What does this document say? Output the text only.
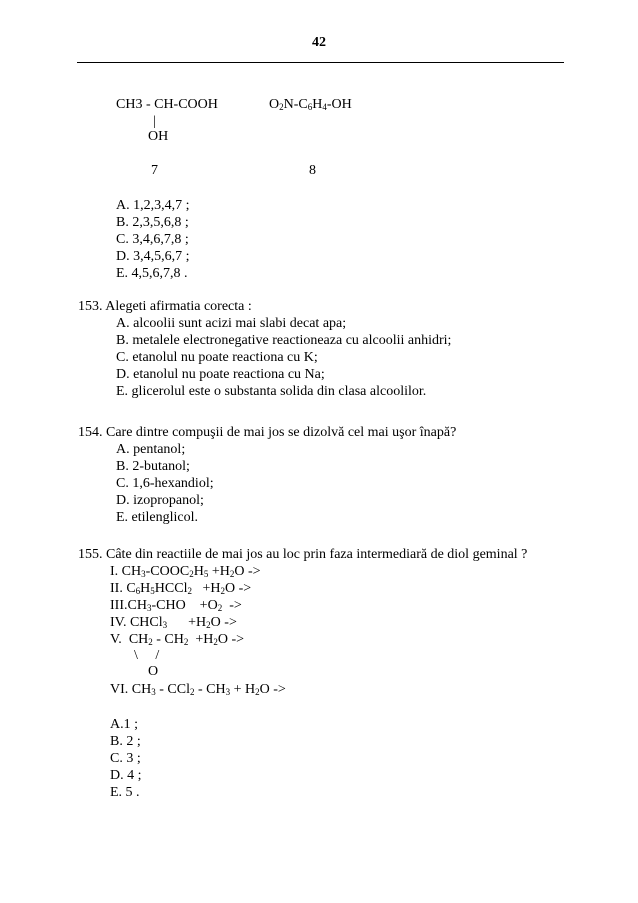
42
CH3 - CH-COOH
|
OH
$O_2N-C_6H_4-OH$
7	8
A. 1,2,3,4,7 ;
B. 2,3,5,6,8 ;
C. 3,4,6,7,8 ;
D. 3,4,5,6,7 ;
E. 4,5,6,7,8 .
153. Alegeti afirmatia corecta :
A. alcoolii sunt acizi mai slabi decat apa;
B. metalele electronegative reactioneaza cu alcoolii anhidri;
C. etanolul nu poate reactiona cu K;
D. etanolul nu poate reactiona cu Na;
E. glicerolul este o substanta solida din clasa alcoolilor.
154. Care dintre compuşii de mai jos se dizolvă cel mai uşor înapă?
A. pentanol;
B. 2-butanol;
C. 1,6-hexandiol;
D. izopropanol;
E. etilenglicol.
155. Câte din reactiile de mai jos au loc prin faza intermediară de diol geminal ?
I. $CH_3-COOC_2H_5 +H_2O$ ->
II. $C_6H_5HCCl_2 +H_2O$ ->
$III.CH_3$-CHO    $+O_2$  ->
IV. CHCl$_3$      $+H_2O$ ->
V.  $CH_2 - CH_2 +H_2O$ ->
\     /
O
VI. $CH_3 - CCl_2 - CH_3 + H_2O$ ->
A.1 ;
B. 2 ;
C. 3 ;
D. 4 ;
E. 5 .
